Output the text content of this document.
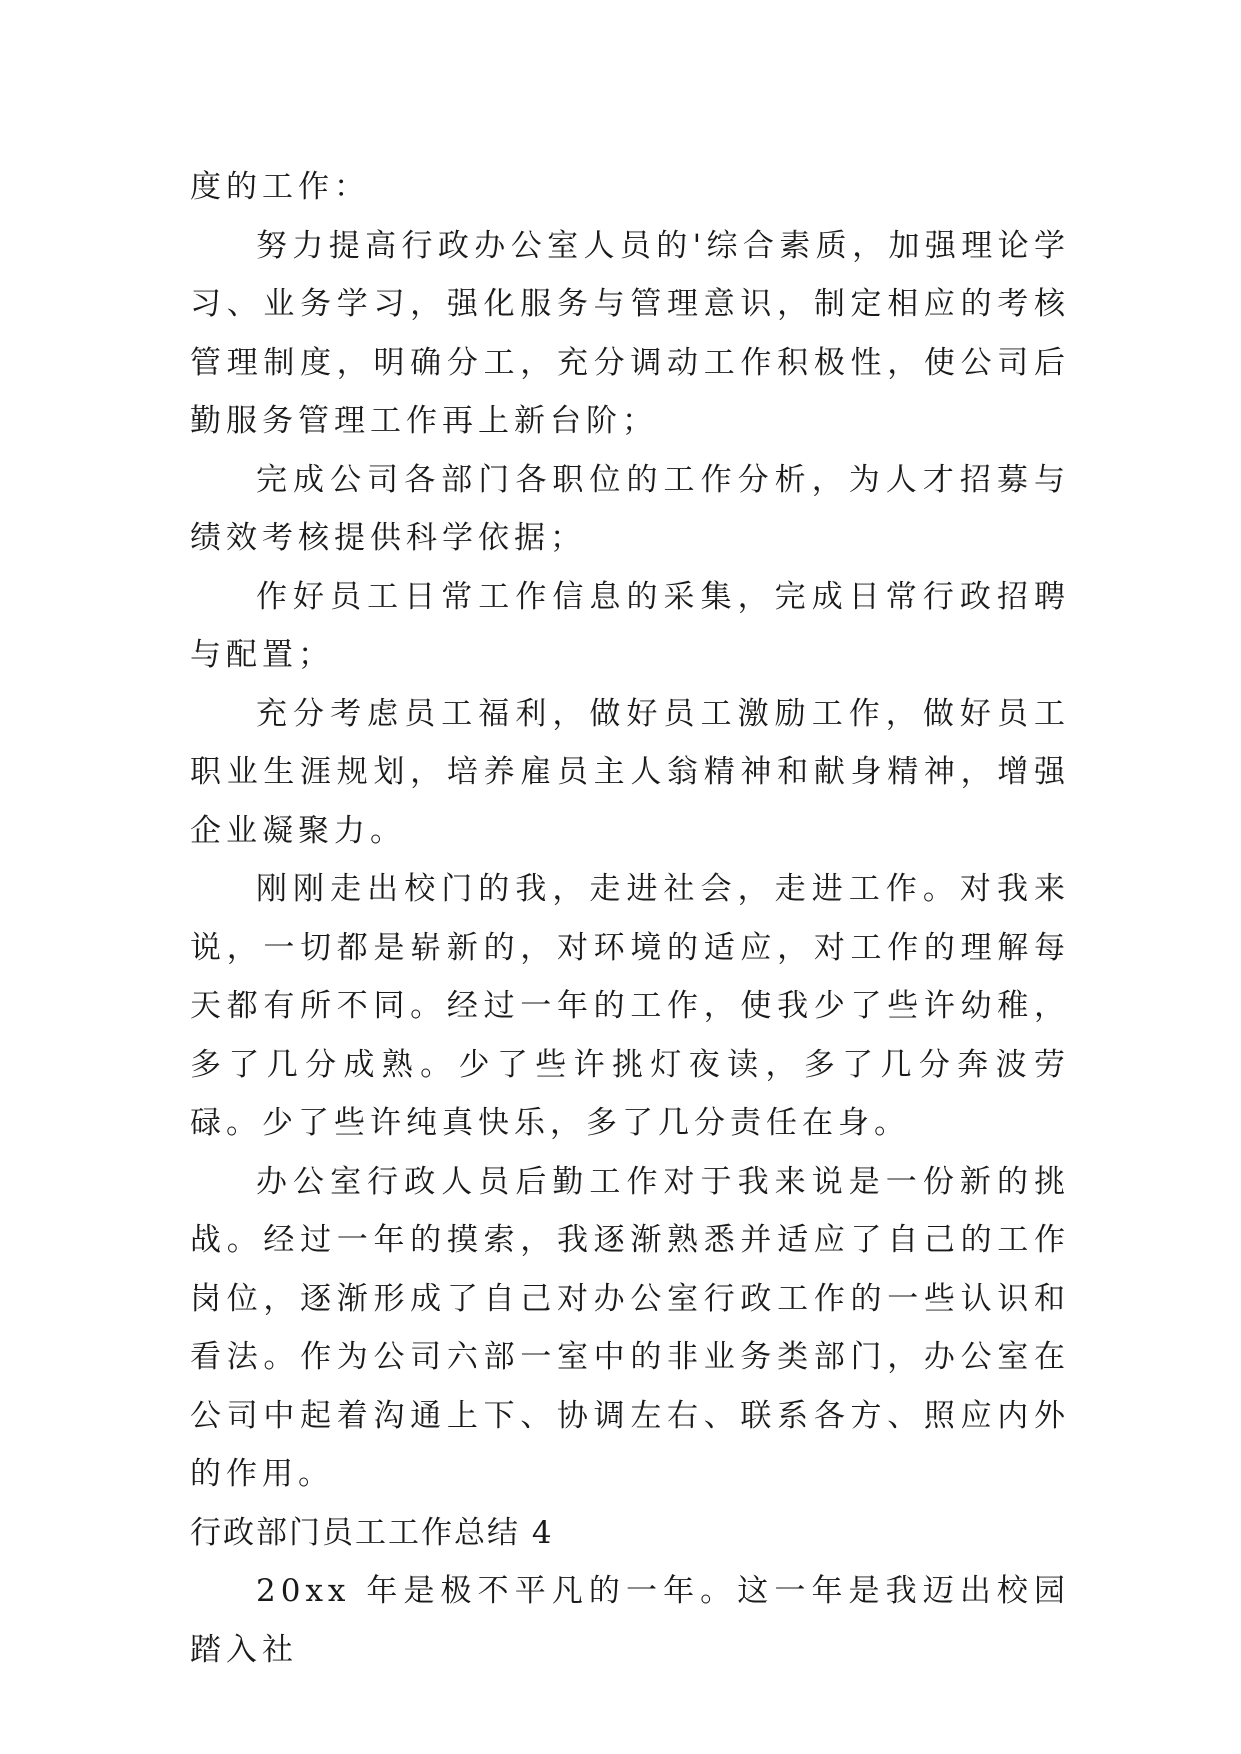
度的工作：

努力提高行政办公室人员的'综合素质，加强理论学习、业务学习，强化服务与管理意识，制定相应的考核管理制度，明确分工，充分调动工作积极性，使公司后勤服务管理工作再上新台阶；

完成公司各部门各职位的工作分析，为人才招募与绩效考核提供科学依据；

作好员工日常工作信息的采集，完成日常行政招聘与配置；

充分考虑员工福利，做好员工激励工作，做好员工职业生涯规划，培养雇员主人翁精神和献身精神，增强企业凝聚力。

刚刚走出校门的我，走进社会，走进工作。对我来说，一切都是崭新的，对环境的适应，对工作的理解每天都有所不同。经过一年的工作，使我少了些许幼稚，多了几分成熟。少了些许挑灯夜读，多了几分奔波劳碌。少了些许纯真快乐，多了几分责任在身。

办公室行政人员后勤工作对于我来说是一份新的挑战。经过一年的摸索，我逐渐熟悉并适应了自己的工作岗位，逐渐形成了自己对办公室行政工作的一些认识和看法。作为公司六部一室中的非业务类部门，办公室在公司中起着沟通上下、协调左右、联系各方、照应内外的作用。

行政部门员工工作总结 4

20xx 年是极不平凡的一年。这一年是我迈出校园踏入社
